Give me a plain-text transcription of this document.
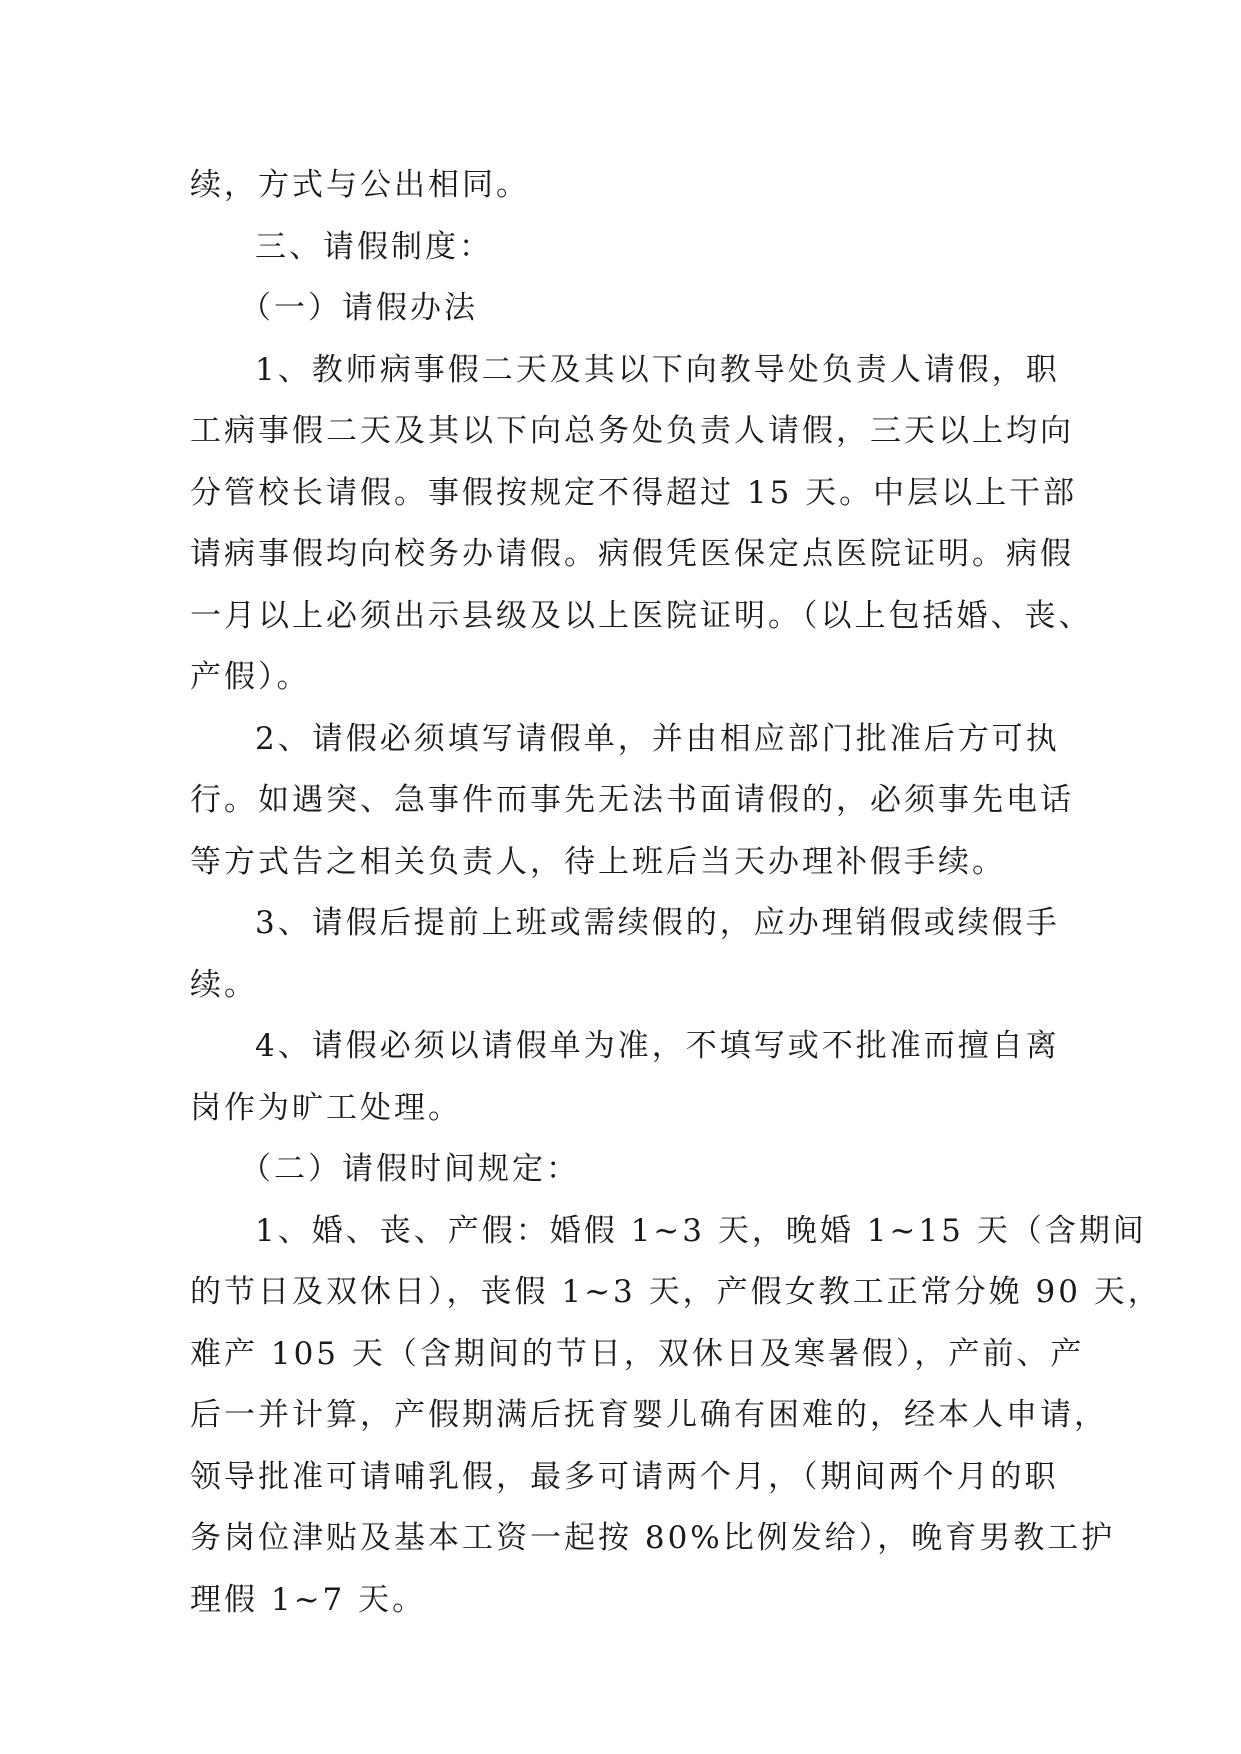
续，方式与公出相同。
三、请假制度：
（一）请假办法
1、教师病事假二天及其以下向教导处负责人请假，职
工病事假二天及其以下向总务处负责人请假，三天以上均向
分管校长请假。事假按规定不得超过 15 天。中层以上干部
请病事假均向校务办请假。病假凭医保定点医院证明。病假
一月以上必须出示县级及以上医院证明。（以上包括婚、丧、
产假）。
2、请假必须填写请假单，并由相应部门批准后方可执
行。如遇突、急事件而事先无法书面请假的，必须事先电话
等方式告之相关负责人，待上班后当天办理补假手续。
3、请假后提前上班或需续假的，应办理销假或续假手
续。
4、请假必须以请假单为准，不填写或不批准而擅自离
岗作为旷工处理。
（二）请假时间规定：
1、婚、丧、产假：婚假 1~3 天，晚婚 1~15 天（含期间
的节日及双休日），丧假 1~3 天，产假女教工正常分娩 90 天，
难产 105 天（含期间的节日，双休日及寒暑假），产前、产
后一并计算，产假期满后抚育婴儿确有困难的，经本人申请，
领导批准可请哺乳假，最多可请两个月，（期间两个月的职
务岗位津贴及基本工资一起按 80%比例发给），晚育男教工护
理假 1~7 天。
